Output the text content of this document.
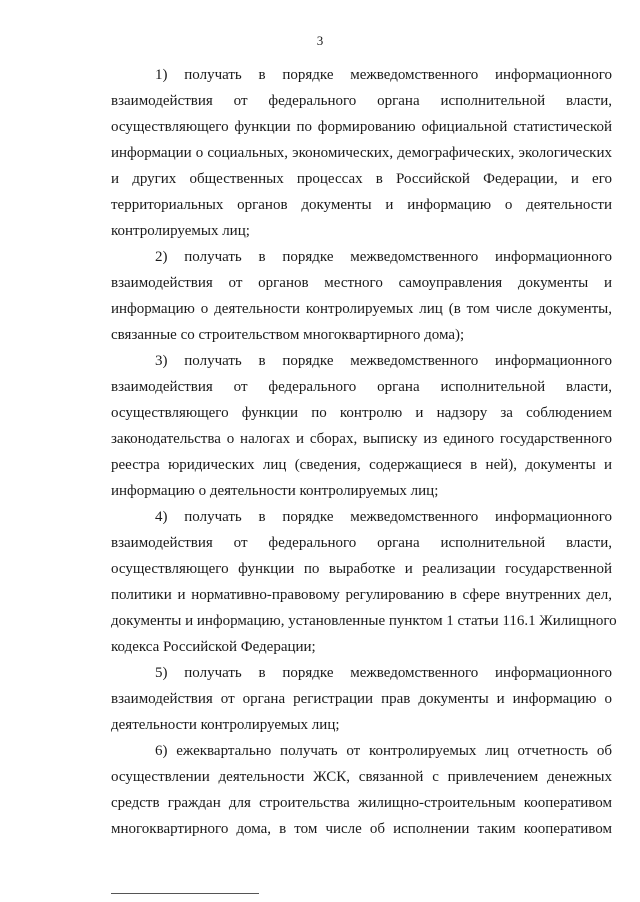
3
1) получать в порядке межведомственного информационного
взаимодействия от федерального органа исполнительной власти,
осуществляющего функции по формированию официальной статистической
информации о социальных, экономических, демографических, экологических
и других общественных процессах в Российской Федерации, и его
территориальных органов документы и информацию о деятельности
контролируемых лиц;
2) получать в порядке межведомственного информационного
взаимодействия от органов местного самоуправления документы и
информацию о деятельности контролируемых лиц (в том числе документы,
связанные со строительством многоквартирного дома);
3) получать в порядке межведомственного информационного
взаимодействия от федерального органа исполнительной власти,
осуществляющего функции по контролю и надзору за соблюдением
законодательства о налогах и сборах, выписку из единого государственного
реестра юридических лиц (сведения, содержащиеся в ней), документы и
информацию о деятельности контролируемых лиц;
4) получать в порядке межведомственного информационного
взаимодействия от федерального органа исполнительной власти,
осуществляющего функции по выработке и реализации государственной
политики и нормативно-правовому регулированию в сфере внутренних дел,
документы и информацию, установленные пунктом 1 статьи 116.1 Жилищного
кодекса Российской Федерации;
5) получать в порядке межведомственного информационного
взаимодействия от органа регистрации прав документы и информацию о
деятельности контролируемых лиц;
6) ежеквартально получать от контролируемых лиц отчетность об
осуществлении деятельности ЖСК, связанной с привлечением денежных
средств граждан для строительства жилищно-строительным кооперативом
многоквартирного дома, в том числе об исполнении таким кооперативом
